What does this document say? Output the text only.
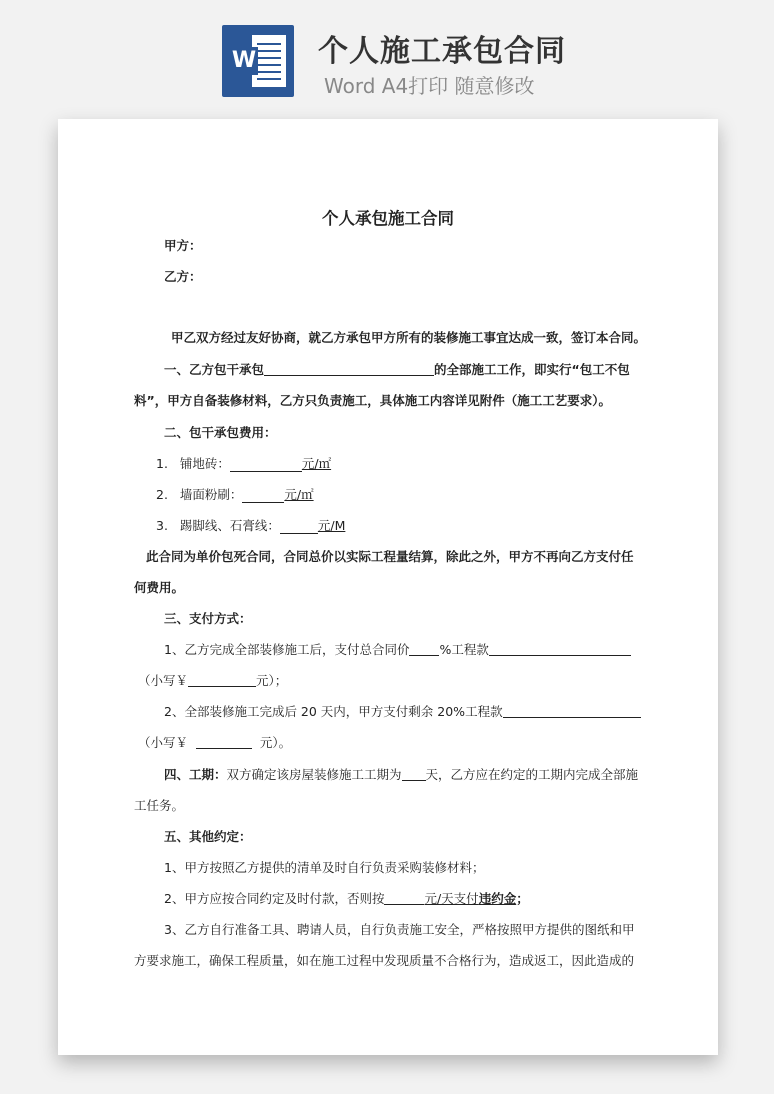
W 个人施工承包合同
Word A4打印 随意修改
个人承包施工合同
甲方：
乙方：
甲乙双方经过友好协商，就乙方承包甲方所有的装修施工事宜达成一致，签订本合同。
一、乙方包干承包	的全部施工工作，即实行“包工不包
料”，甲方自备装修材料，乙方只负责施工，具体施工内容详见附件（施工工艺要求）。
二、包干承包费用：
1. 铺地砖：	元/㎡
2. 墙面粉刷：	元/㎡
3. 踢脚线、石膏线：	元/M
此合同为单价包死合同，合同总价以实际工程量结算，除此之外，甲方不再向乙方支付任
何费用。
三、支付方式：
1、乙方完成全部装修施工后，支付总合同价 %工程款
（小写￥	元）；
2、全部装修施工完成后 20 天内，甲方支付剩余 20%工程款
（小写￥	元）。
四、工期：双方确定该房屋装修施工工期为 天，乙方应在约定的工期内完成全部施
工任务。
五、其他约定：
1、甲方按照乙方提供的清单及时自行负责采购装修材料；
2、甲方应按合同约定及时付款，否则按	元/天支付违约金；
3、乙方自行准备工具、聘请人员，自行负责施工安全，严格按照甲方提供的图纸和甲
方要求施工，确保工程质量，如在施工过程中发现质量不合格行为，造成返工，因此造成的
